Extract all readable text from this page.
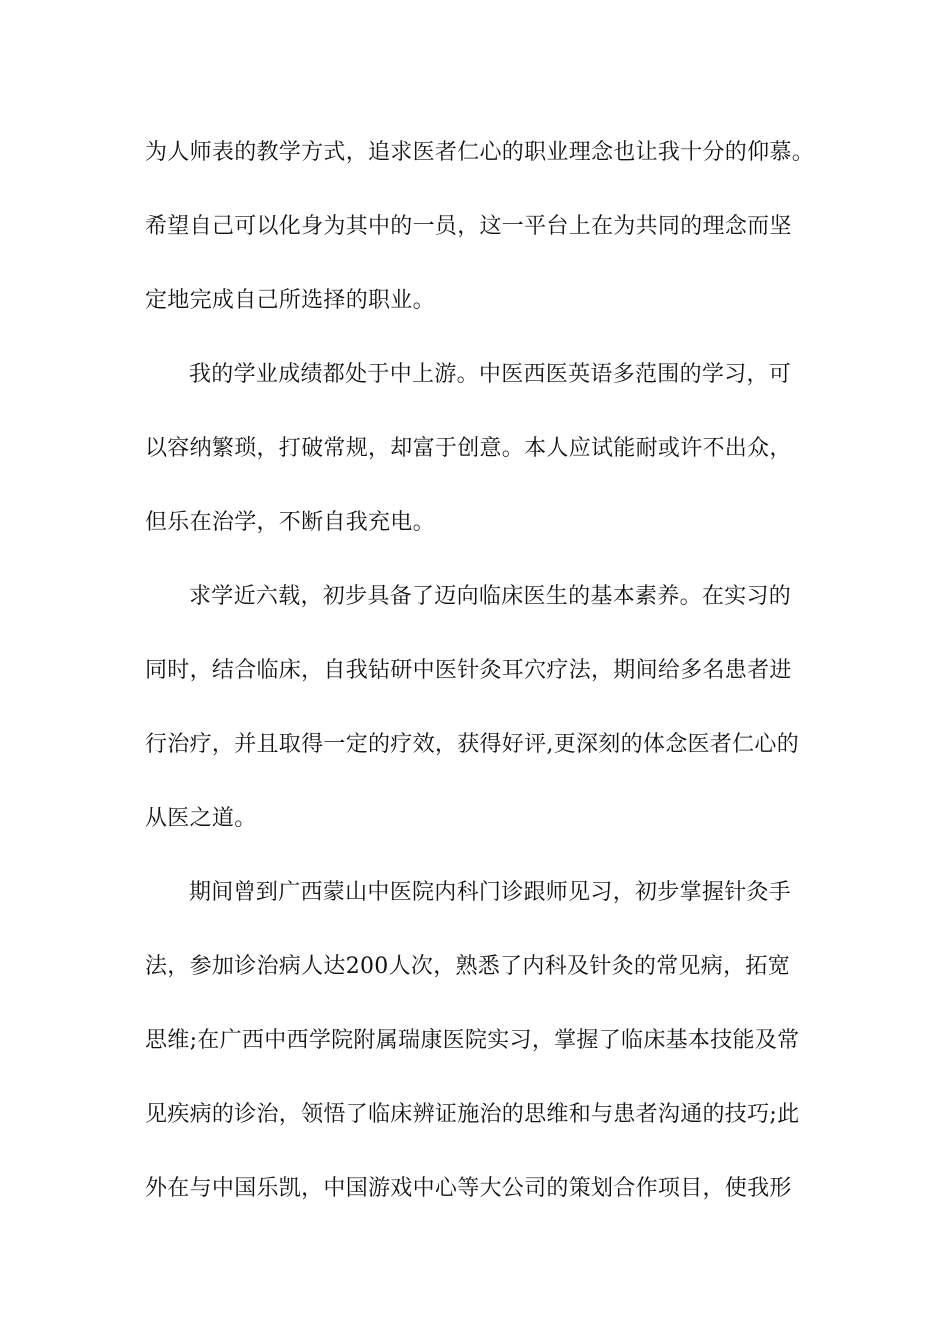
为人师表的教学方式，追求医者仁心的职业理念也让我十分的仰慕。
希望自己可以化身为其中的一员，这一平台上在为共同的理念而坚
定地完成自己所选择的职业。
我的学业成绩都处于中上游。中医西医英语多范围的学习，可
以容纳繁琐，打破常规，却富于创意。本人应试能耐或许不出众，
但乐在治学，不断自我充电。
求学近六载，初步具备了迈向临床医生的基本素养。在实习的
同时，结合临床，自我钻研中医针灸耳穴疗法，期间给多名患者进
行治疗，并且取得一定的疗效，获得好评,更深刻的体念医者仁心的
从医之道。
期间曾到广西蒙山中医院内科门诊跟师见习，初步掌握针灸手
法，参加诊治病人达200人次，熟悉了内科及针灸的常见病，拓宽
思维;在广西中西学院附属瑞康医院实习，掌握了临床基本技能及常
见疾病的诊治，领悟了临床辨证施治的思维和与患者沟通的技巧;此
外在与中国乐凯，中国游戏中心等大公司的策划合作项目，使我形
